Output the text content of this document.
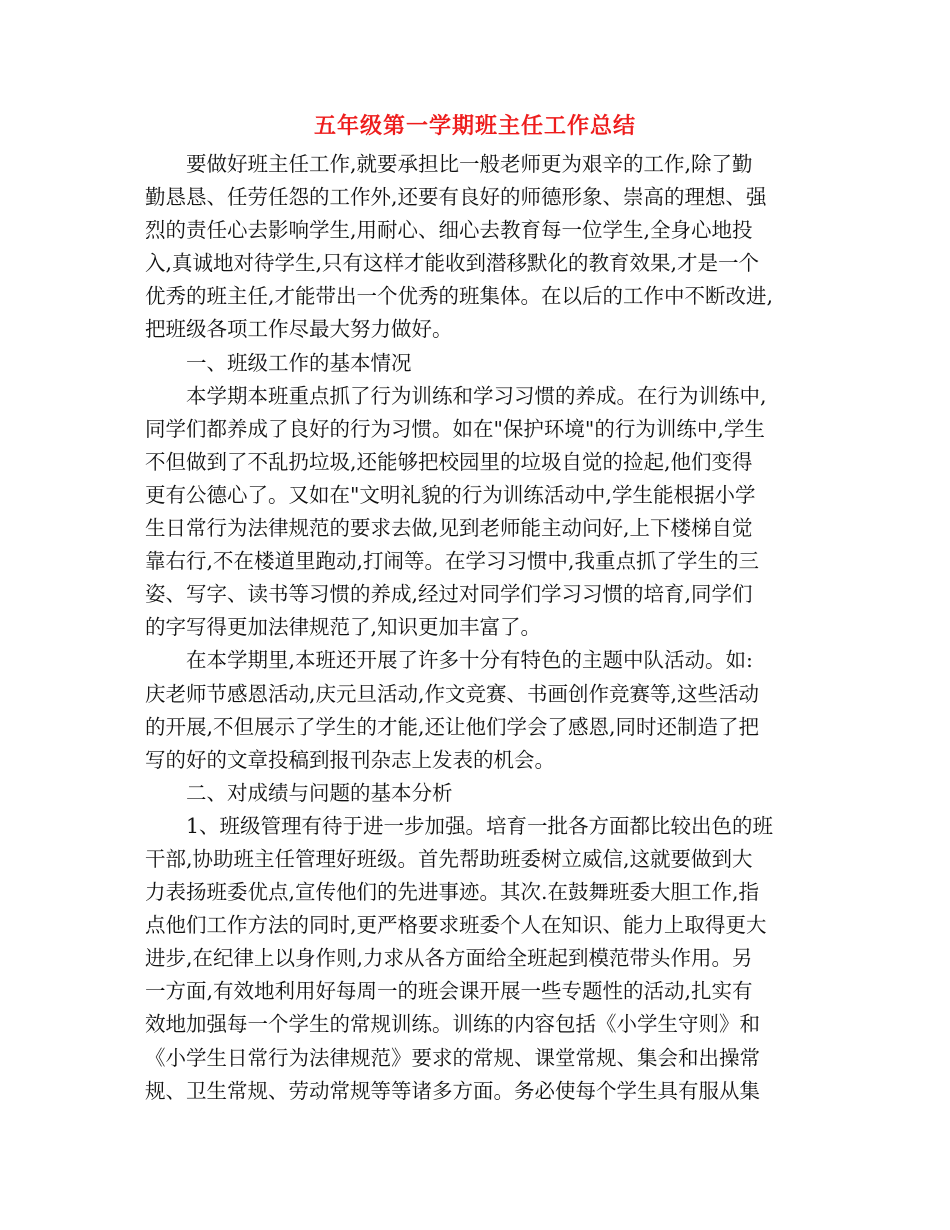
五年级第一学期班主任工作总结
要做好班主任工作,就要承担比一般老师更为艰辛的工作,除了勤
勤恳恳、任劳任怨的工作外,还要有良好的师德形象、崇高的理想、强
烈的责任心去影响学生,用耐心、细心去教育每一位学生,全身心地投
入,真诚地对待学生,只有这样才能收到潜移默化的教育效果,才是一个
优秀的班主任,才能带出一个优秀的班集体。在以后的工作中不断改进,
把班级各项工作尽最大努力做好。
一、班级工作的基本情况
本学期本班重点抓了行为训练和学习习惯的养成。在行为训练中,
同学们都养成了良好的行为习惯。如在"保护环境"的行为训练中,学生
不但做到了不乱扔垃圾,还能够把校园里的垃圾自觉的捡起,他们变得
更有公德心了。又如在"文明礼貌的行为训练活动中,学生能根据小学
生日常行为法律规范的要求去做,见到老师能主动问好,上下楼梯自觉
靠右行,不在楼道里跑动,打闹等。在学习习惯中,我重点抓了学生的三
姿、写字、读书等习惯的养成,经过对同学们学习习惯的培育,同学们
的字写得更加法律规范了,知识更加丰富了。
在本学期里,本班还开展了许多十分有特色的主题中队活动。如:
庆老师节感恩活动,庆元旦活动,作文竞赛、书画创作竞赛等,这些活动
的开展,不但展示了学生的才能,还让他们学会了感恩,同时还制造了把
写的好的文章投稿到报刊杂志上发表的机会。
二、对成绩与问题的基本分析
1、班级管理有待于进一步加强。培育一批各方面都比较出色的班
干部,协助班主任管理好班级。首先帮助班委树立威信,这就要做到大
力表扬班委优点,宣传他们的先进事迹。其次.在鼓舞班委大胆工作,指
点他们工作方法的同时,更严格要求班委个人在知识、能力上取得更大
进步,在纪律上以身作则,力求从各方面给全班起到模范带头作用。另
一方面,有效地利用好每周一的班会课开展一些专题性的活动,扎实有
效地加强每一个学生的常规训练。训练的内容包括《小学生守则》和
《小学生日常行为法律规范》要求的常规、课堂常规、集会和出操常
规、卫生常规、劳动常规等等诸多方面。务必使每个学生具有服从集
